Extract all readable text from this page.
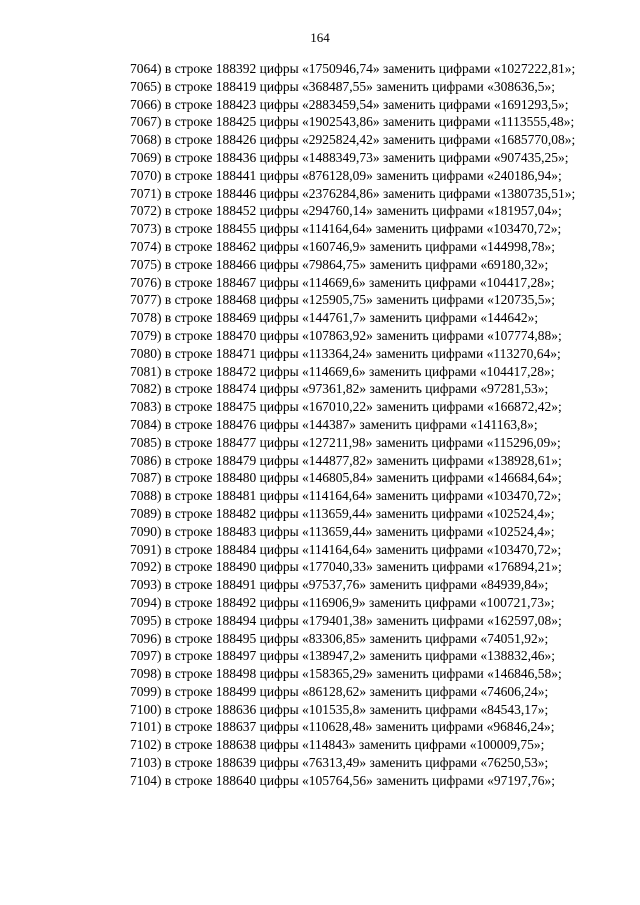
164

7064) в строке 188392 цифры «1750946,74» заменить цифрами «1027222,81»;

7065) в строке 188419 цифры «368487,55» заменить цифрами «308636,5»;

7066) в строке 188423 цифры «2883459,54» заменить цифрами «1691293,5»;

7067) в строке 188425 цифры «1902543,86» заменить цифрами «1113555,48»;

7068) в строке 188426 цифры «2925824,42» заменить цифрами «1685770,08»;

7069) в строке 188436 цифры «1488349,73» заменить цифрами «907435,25»;

7070) в строке 188441 цифры «876128,09» заменить цифрами «240186,94»;

7071) в строке 188446 цифры «2376284,86» заменить цифрами «1380735,51»;

7072) в строке 188452 цифры «294760,14» заменить цифрами «181957,04»;

7073) в строке 188455 цифры «114164,64» заменить цифрами «103470,72»;

7074) в строке 188462 цифры «160746,9» заменить цифрами «144998,78»;

7075) в строке 188466 цифры «79864,75» заменить цифрами «69180,32»;

7076) в строке 188467 цифры «114669,6» заменить цифрами «104417,28»;

7077) в строке 188468 цифры «125905,75» заменить цифрами «120735,5»;

7078) в строке 188469 цифры «144761,7» заменить цифрами «144642»;

7079) в строке 188470 цифры «107863,92» заменить цифрами «107774,88»;

7080) в строке 188471 цифры «113364,24» заменить цифрами «113270,64»;

7081) в строке 188472 цифры «114669,6» заменить цифрами «104417,28»;

7082) в строке 188474 цифры «97361,82» заменить цифрами «97281,53»;

7083) в строке 188475 цифры «167010,22» заменить цифрами «166872,42»;

7084) в строке 188476 цифры «144387» заменить цифрами «141163,8»;

7085) в строке 188477 цифры «127211,98» заменить цифрами «115296,09»;

7086) в строке 188479 цифры «144877,82» заменить цифрами «138928,61»;

7087) в строке 188480 цифры «146805,84» заменить цифрами «146684,64»;

7088) в строке 188481 цифры «114164,64» заменить цифрами «103470,72»;

7089) в строке 188482 цифры «113659,44» заменить цифрами «102524,4»;

7090) в строке 188483 цифры «113659,44» заменить цифрами «102524,4»;

7091) в строке 188484 цифры «114164,64» заменить цифрами «103470,72»;

7092) в строке 188490 цифры «177040,33» заменить цифрами «176894,21»;

7093) в строке 188491 цифры «97537,76» заменить цифрами «84939,84»;

7094) в строке 188492 цифры «116906,9» заменить цифрами «100721,73»;

7095) в строке 188494 цифры «179401,38» заменить цифрами «162597,08»;

7096) в строке 188495 цифры «83306,85» заменить цифрами «74051,92»;

7097) в строке 188497 цифры «138947,2» заменить цифрами «138832,46»;

7098) в строке 188498 цифры «158365,29» заменить цифрами «146846,58»;

7099) в строке 188499 цифры «86128,62» заменить цифрами «74606,24»;

7100) в строке 188636 цифры «101535,8» заменить цифрами «84543,17»;

7101) в строке 188637 цифры «110628,48» заменить цифрами «96846,24»;

7102) в строке 188638 цифры «114843» заменить цифрами «100009,75»;

7103) в строке 188639 цифры «76313,49» заменить цифрами «76250,53»;

7104) в строке 188640 цифры «105764,56» заменить цифрами «97197,76»;
